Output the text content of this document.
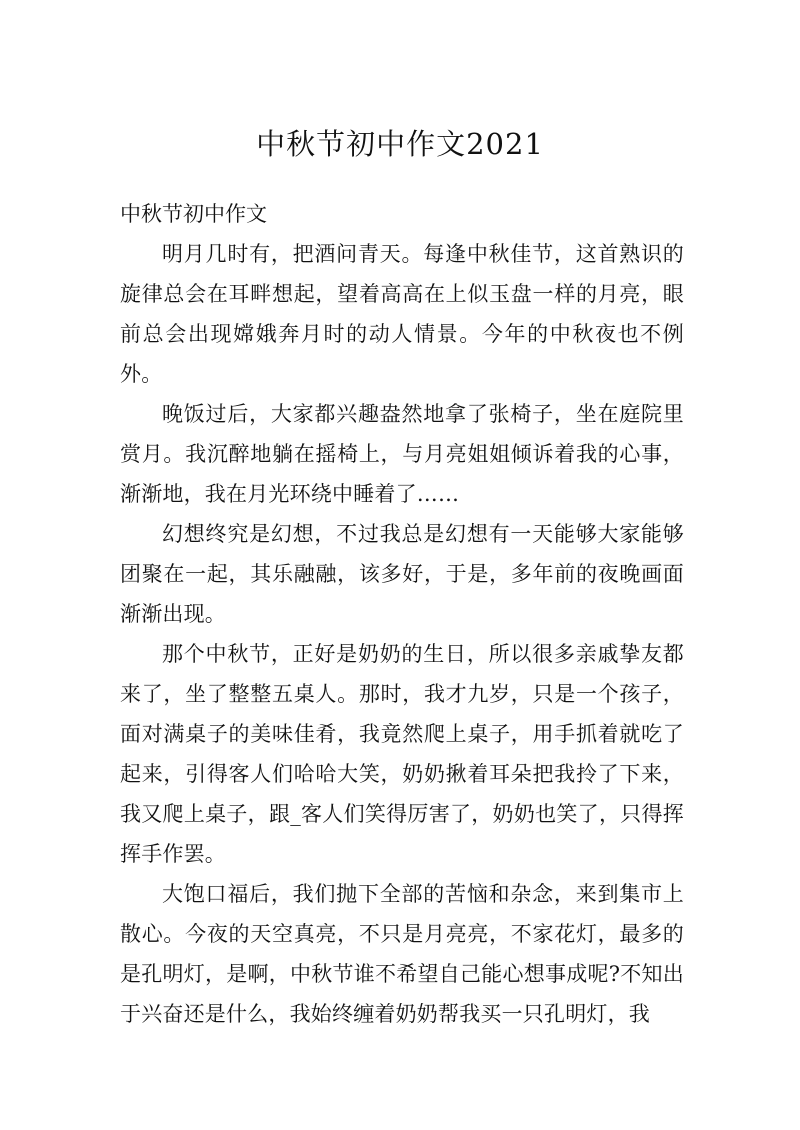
中秋节初中作文2021
中秋节初中作文

明月几时有，把酒问青天。每逢中秋佳节，这首熟识的旋律总会在耳畔想起，望着高高在上似玉盘一样的月亮，眼前总会出现嫦娥奔月时的动人情景。今年的中秋夜也不例外。

晚饭过后，大家都兴趣盎然地拿了张椅子，坐在庭院里赏月。我沉醉地躺在摇椅上，与月亮姐姐倾诉着我的心事，渐渐地，我在月光环绕中睡着了……

幻想终究是幻想，不过我总是幻想有一天能够大家能够团聚在一起，其乐融融，该多好，于是，多年前的夜晚画面渐渐出现。

那个中秋节，正好是奶奶的生日，所以很多亲戚挚友都来了，坐了整整五桌人。那时，我才九岁，只是一个孩子，面对满桌子的美味佳肴，我竟然爬上桌子，用手抓着就吃了起来，引得客人们哈哈大笑，奶奶揪着耳朵把我拎了下来，我又爬上桌子，跟_客人们笑得厉害了，奶奶也笑了，只得挥挥手作罢。

大饱口福后，我们抛下全部的苦恼和杂念，来到集市上散心。今夜的天空真亮，不只是月亮亮，不家花灯，最多的是孔明灯，是啊，中秋节谁不希望自己能心想事成呢?不知出于兴奋还是什么，我始终缠着奶奶帮我买一只孔明灯，我
